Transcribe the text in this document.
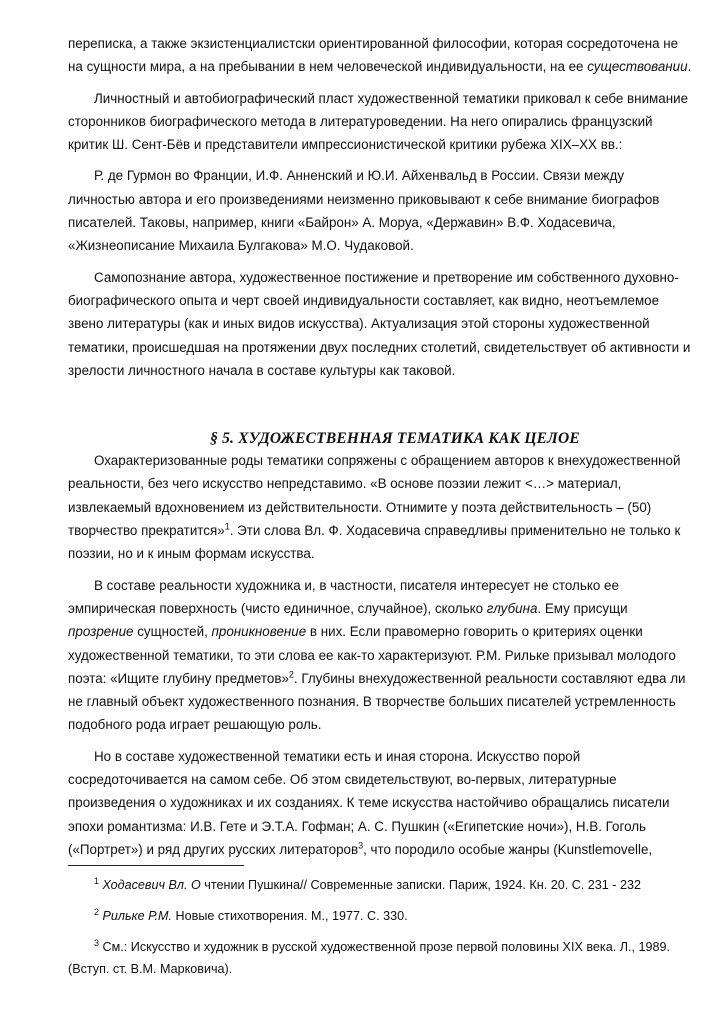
переписка, а также экзистенциалистски ориентированной философии, которая сосредоточена не на сущности мира, а на пребывании в нем человеческой индивидуальности, на ее существовании.

Личностный и автобиографический пласт художественной тематики приковал к себе внимание сторонников биографического метода в литературоведении. На него опирались французский критик Ш. Сент-Бёв и представители импрессионистической критики рубежа XIX–XX вв.:

Р. де Гурмон во Франции, И.Ф. Анненский и Ю.И. Айхенвальд в России. Связи между личностью автора и его произведениями неизменно приковывают к себе внимание биографов писателей. Таковы, например, книги «Байрон» А. Моруа, «Державин» В.Ф. Ходасевича, «Жизнеописание Михаила Булгакова» М.О. Чудаковой.

Самопознание автора, художественное постижение и претворение им собственного духовно-биографического опыта и черт своей индивидуальности составляет, как видно, неотъемлемое звено литературы (как и иных видов искусства). Актуализация этой стороны художественной тематики, происшедшая на протяжении двух последних столетий, свидетельствует об активности и зрелости личностного начала в составе культуры как таковой.

§ 5. ХУДОЖЕСТВЕННАЯ ТЕМАТИКА КАК ЦЕЛОЕ

Охарактеризованные роды тематики сопряжены с обращением авторов к внехудожественной реальности, без чего искусство непредставимо. «В основе поэзии лежит <…> материал, извлекаемый вдохновением из действительности. Отнимите у поэта действительность – (50) творчество прекратится»$^1$. Эти слова Вл. Ф. Ходасевича справедливы применительно не только к поэзии, но и к иным формам искусства.

В составе реальности художника и, в частности, писателя интересует не столько ее эмпирическая поверхность (чисто единичное, случайное), сколько глубина. Ему присущи прозрение сущностей, проникновение в них. Если правомерно говорить о критериях оценки художественной тематики, то эти слова ее как-то характеризуют. Р.М. Рильке призывал молодого поэта: «Ищите глубину предметов»$^2$. Глубины внехудожественной реальности составляют едва ли не главный объект художественного познания. В творчестве больших писателей устремленность подобного рода играет решающую роль.

Но в составе художественной тематики есть и иная сторона. Искусство порой сосредоточивается на самом себе. Об этом свидетельствуют, во-первых, литературные произведения о художниках и их созданиях. К теме искусства настойчиво обращались писатели эпохи романтизма: И.В. Гете и Э.Т.А. Гофман; А. С. Пушкин («Египетские ночи»), Н.В. Гоголь («Портрет») и ряд других русских литераторов$^3$, что породило особые жанры (Kunstlemovelle,

$^1$ Ходасевич Вл. О чтении Пушкина// Современные записки. Париж, 1924. Кн. 20. С. 231 - 232

$^2$ Рильке Р.М. Новые стихотворения. М., 1977. С. 330.

$^3$ См.: Искусство и художник в русской художественной прозе первой половины XIX века. Л., 1989. (Вступ. ст. В.М. Марковича).
